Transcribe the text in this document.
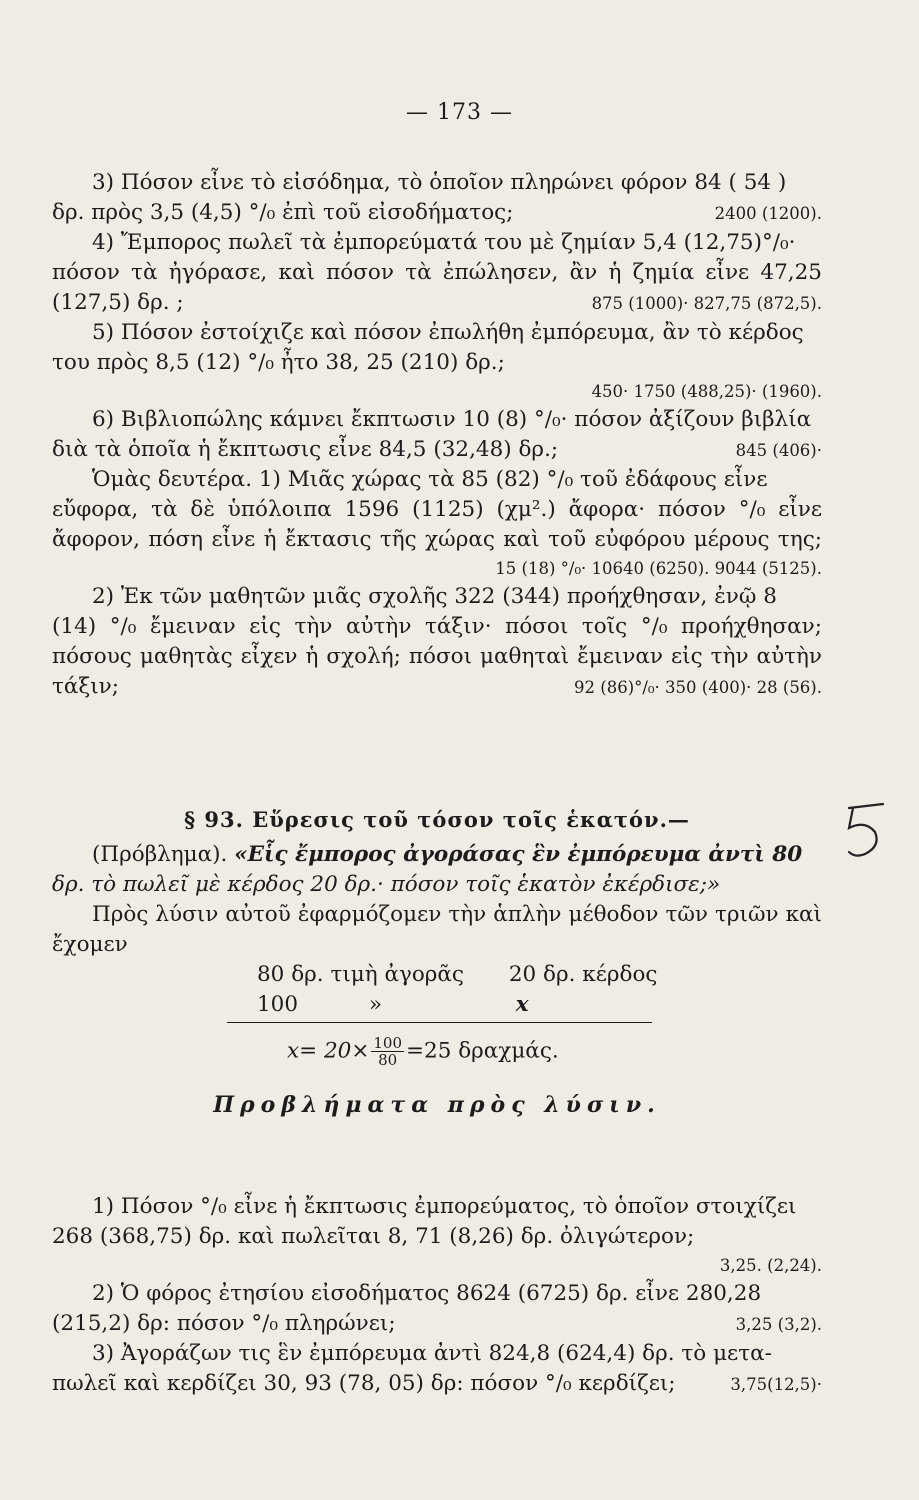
— 173 —
3) Πόσον εἶνε τὸ εἰσόδημα, τὸ ὁποῖον πληρώνει φόρον 84 ( 54 )
δρ. πρὸς 3,5 (4,5) °/₀ ἐπὶ τοῦ εἰσοδήματος;	2400 (1200).
4) Ἔμπορος πωλεῖ τὰ ἐμπορεύματά του μὲ ζημίαν 5,4 (12,75)°/₀·
πόσον τὰ ἠγόρασε, καὶ πόσον τὰ ἐπώλησεν, ἂν ἡ ζημία εἶνε 47,25
(127,5) δρ. ;	875 (1000)· 827,75 (872,5).
5) Πόσον ἐστοίχιζε καὶ πόσον ἐπωλήθη ἐμπόρευμα, ἂν τὸ κέρδος
του πρὸς 8,5 (12) °/₀ ἦτο 38, 25 (210) δρ.;
450· 1750 (488,25)· (1960).
6) Βιβλιοπώλης κάμνει ἔκπτωσιν 10 (8) °/₀· πόσον ἀξίζουν βιβλία
διὰ τὰ ὁποῖα ἡ ἔκπτωσις εἶνε 84,5 (32,48) δρ.;	845 (406)·
Ὁμὰς δευτέρα. 1) Μιᾶς χώρας τὰ 85 (82) °/₀ τοῦ ἐδάφους εἶνε
εὔφορα, τὰ δὲ ὑπόλοιπα 1596 (1125) (χμ².) ἄφορα· πόσον °/₀ εἶνε
ἄφορον, πόση εἶνε ἡ ἔκτασις τῆς χώρας καὶ τοῦ εὐφόρου μέρους της;
15 (18) °/₀· 10640 (6250). 9044 (5125).
2) Ἐκ τῶν μαθητῶν μιᾶς σχολῆς 322 (344) προήχθησαν, ἐνῷ 8
(14) °/₀ ἔμειναν εἰς τὴν αὐτὴν τάξιν· πόσοι τοῖς °/₀ προήχθησαν;
πόσους μαθητὰς εἶχεν ἡ σχολή; πόσοι μαθηταὶ ἔμειναν εἰς τὴν αὐτὴν
τάξιν;	92 (86)°/₀· 350 (400)· 28 (56).
§ 93. Εὕρεσις τοῦ τόσον τοῖς ἑκατόν.—
(Πρόβλημα). «Εἷς ἔμπορος ἀγοράσας ἓν ἐμπόρευμα ἀντὶ 80
δρ. τὸ πωλεῖ μὲ κέρδος 20 δρ.· πόσον τοῖς ἑκατὸν ἐκέρδισε;»
Πρὸς λύσιν αὐτοῦ ἐφαρμόζομεν τὴν ἁπλὴν μέθοδον τῶν τριῶν καὶ
ἔχομεν
80 δρ. τιμὴ ἀγορᾶς 20 δρ. κέρδος
100	»	x
$x= 20\times \frac{100}{80} =25$ δραχμάς.
Προβλήματα πρὸς λύσιν.
1) Πόσον °/₀ εἶνε ἡ ἔκπτωσις ἐμπορεύματος, τὸ ὁποῖον στοιχίζει
268 (368,75) δρ. καὶ πωλεῖται 8, 71 (8,26) δρ. ὀλιγώτερον;
3,25. (2,24).
2) Ὁ φόρος ἐτησίου εἰσοδήματος 8624 (6725) δρ. εἶνε 280,28
(215,2) δρ: πόσον °/₀ πληρώνει;	3,25 (3,2).
3) Ἀγοράζων τις ἓν ἐμπόρευμα ἀντὶ 824,8 (624,4) δρ. τὸ μετα-
πωλεῖ καὶ κερδίζει 30, 93 (78, 05) δρ: πόσον °/₀ κερδίζει;	3,75(12,5)·
